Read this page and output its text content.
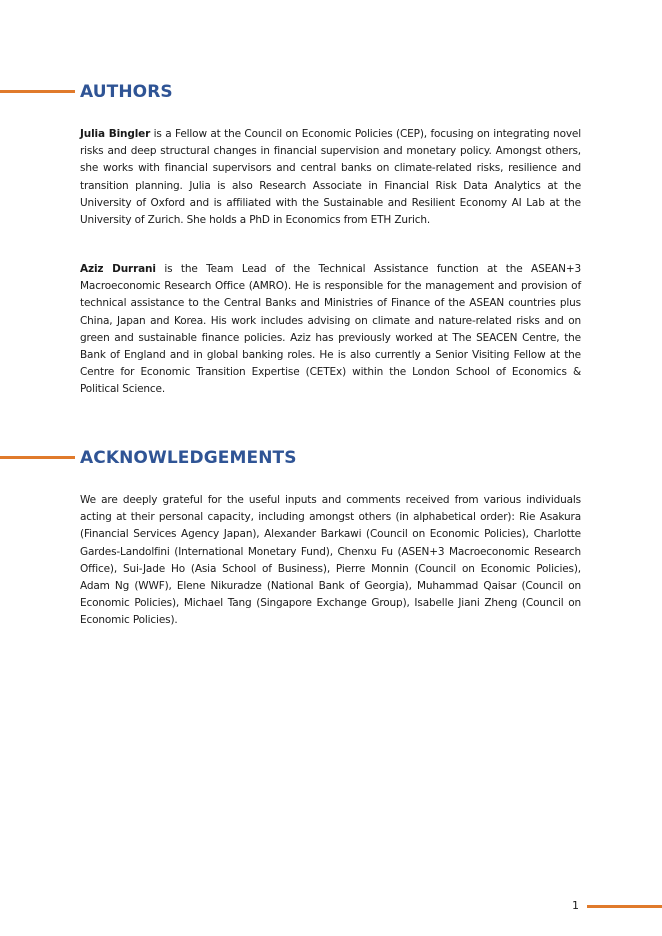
AUTHORS

Julia Bingler is a Fellow at the Council on Economic Policies (CEP), focusing on integrating novel risks and deep structural changes in financial supervision and monetary policy. Amongst others, she works with financial supervisors and central banks on climate-related risks, resilience and transition planning. Julia is also Research Associate in Financial Risk Data Analytics at the University of Oxford and is affiliated with the Sustainable and Resilient Economy AI Lab at the University of Zurich. She holds a PhD in Economics from ETH Zurich.

Aziz Durrani is the Team Lead of the Technical Assistance function at the ASEAN+3 Macroeconomic Research Office (AMRO). He is responsible for the management and provision of technical assistance to the Central Banks and Ministries of Finance of the ASEAN countries plus China, Japan and Korea. His work includes advising on climate and nature-related risks and on green and sustainable finance policies. Aziz has previously worked at The SEACEN Centre, the Bank of England and in global banking roles. He is also currently a Senior Visiting Fellow at the Centre for Economic Transition Expertise (CETEx) within the London School of Economics & Political Science.

ACKNOWLEDGEMENTS

We are deeply grateful for the useful inputs and comments received from various individuals acting at their personal capacity, including amongst others (in alphabetical order): Rie Asakura (Financial Services Agency Japan), Alexander Barkawi (Council on Economic Policies), Charlotte Gardes-Landolfini (International Monetary Fund), Chenxu Fu (ASEN+3 Macroeconomic Research Office), Sui-Jade Ho (Asia School of Business), Pierre Monnin (Council on Economic Policies), Adam Ng (WWF), Elene Nikuradze (National Bank of Georgia), Muhammad Qaisar (Council on Economic Policies), Michael Tang (Singapore Exchange Group), Isabelle Jiani Zheng (Council on Economic Policies).

1
